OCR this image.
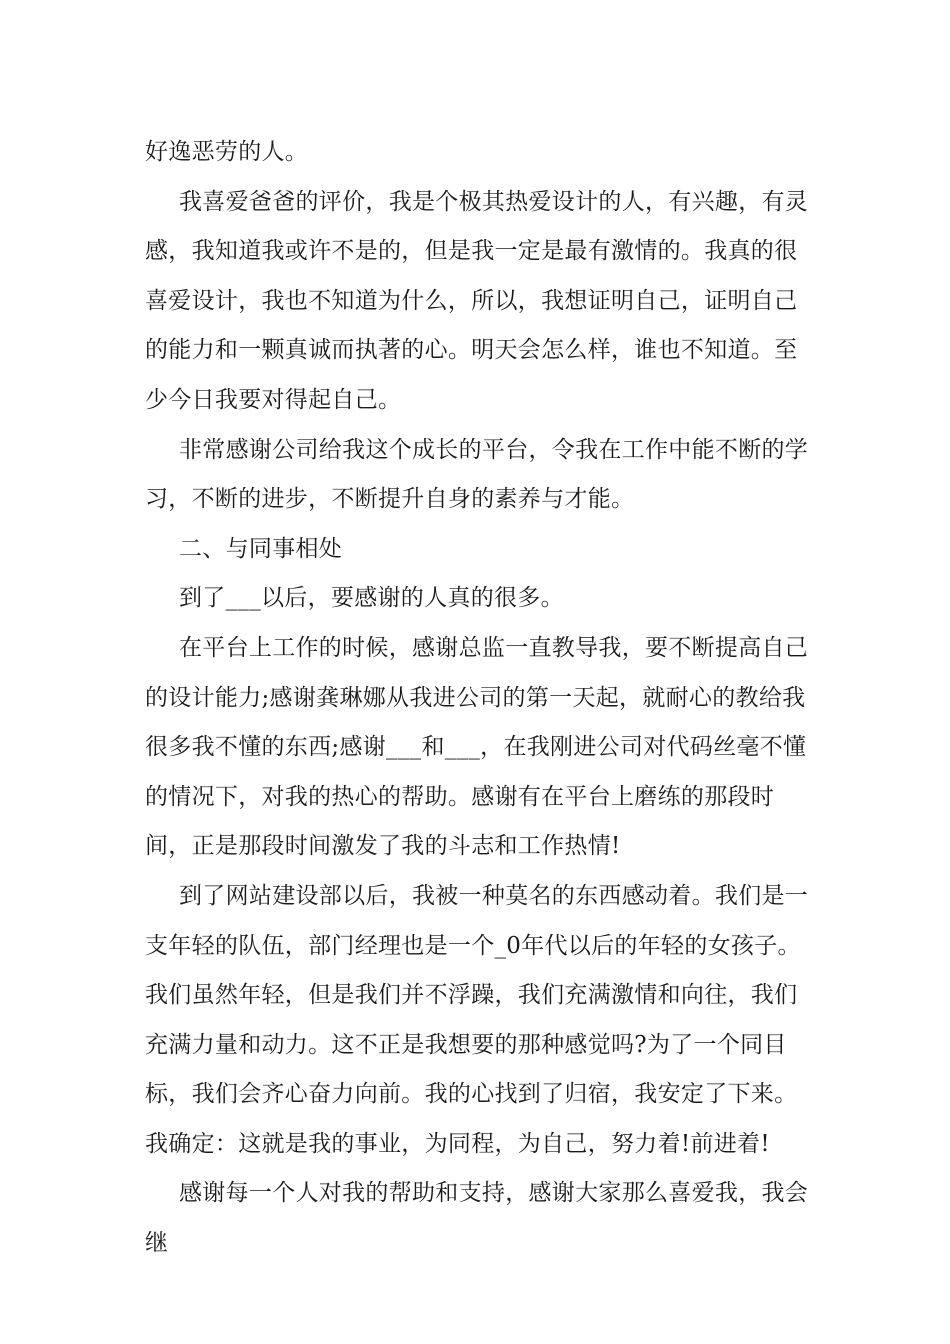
好逸恶劳的人。

我喜爱爸爸的评价，我是个极其热爱设计的人，有兴趣，有灵感，我知道我或许不是的，但是我一定是最有激情的。我真的很喜爱设计，我也不知道为什么，所以，我想证明自己，证明自己的能力和一颗真诚而执著的心。明天会怎么样，谁也不知道。至少今日我要对得起自己。

非常感谢公司给我这个成长的平台，令我在工作中能不断的学习，不断的进步，不断提升自身的素养与才能。

二、与同事相处

到了___以后，要感谢的人真的很多。

在平台上工作的时候，感谢总监一直教导我，要不断提高自己的设计能力;感谢龚琳娜从我进公司的第一天起，就耐心的教给我很多我不懂的东西;感谢___和___，在我刚进公司对代码丝毫不懂的情况下，对我的热心的帮助。感谢有在平台上磨练的那段时间，正是那段时间激发了我的斗志和工作热情!

到了网站建设部以后，我被一种莫名的东西感动着。我们是一支年轻的队伍，部门经理也是一个_0年代以后的年轻的女孩子。我们虽然年轻，但是我们并不浮躁，我们充满激情和向往，我们充满力量和动力。这不正是我想要的那种感觉吗?为了一个同目标，我们会齐心奋力向前。我的心找到了归宿，我安定了下来。我确定：这就是我的事业，为同程，为自己，努力着!前进着!

感谢每一个人对我的帮助和支持，感谢大家那么喜爱我，我会继
